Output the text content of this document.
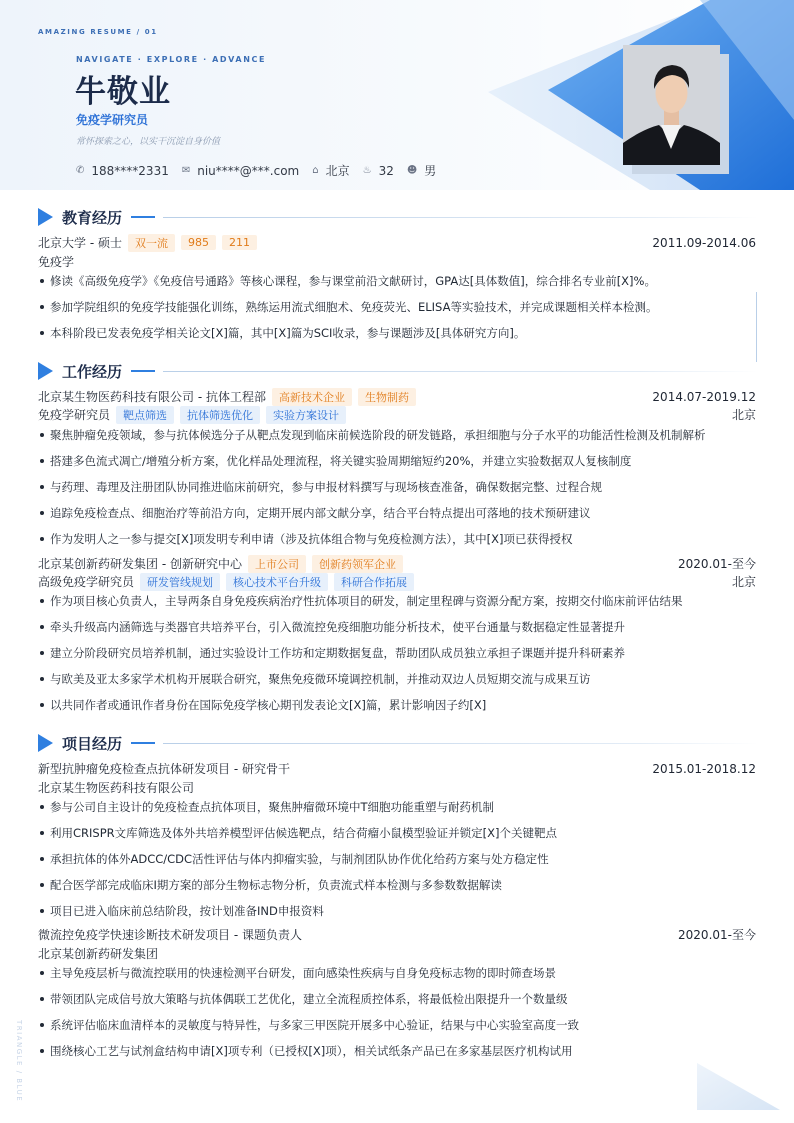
AMAZING RESUME / 01
NAVIGATE · EXPLORE · ADVANCE
牛敬业
免疫学研究员
常怀探索之心，以实干沉淀自身价值
✆ 188****2331 ✉ niu****@***.com ⌂ 北京 ♨ 32 ☻ 男
教育经历
北京大学 - 硕士	双一流	985	211	2011.09-2014.06
免疫学
修读《高级免疫学》《免疫信号通路》等核心课程，参与课堂前沿文献研讨，GPA达[具体数值]，综合排名专业前[X]%。
参加学院组织的免疫学技能强化训练，熟练运用流式细胞术、免疫荧光、ELISA等实验技术，并完成课题相关样本检测。
本科阶段已发表免疫学相关论文[X]篇，其中[X]篇为SCI收录，参与课题涉及[具体研究方向]。
工作经历
北京某生物医药科技有限公司 - 抗体工程部	高新技术企业	生物制药	2014.07-2019.12
免疫学研究员	靶点筛选	抗体筛选优化	实验方案设计	北京
聚焦肿瘤免疫领域，参与抗体候选分子从靶点发现到临床前候选阶段的研发链路，承担细胞与分子水平的功能活性检测及机制解析
搭建多色流式凋亡/增殖分析方案，优化样品处理流程，将关键实验周期缩短约20%，并建立实验数据双人复核制度
与药理、毒理及注册团队协同推进临床前研究，参与申报材料撰写与现场核查准备，确保数据完整、过程合规
追踪免疫检查点、细胞治疗等前沿方向，定期开展内部文献分享，结合平台特点提出可落地的技术预研建议
作为发明人之一参与提交[X]项发明专利申请（涉及抗体组合物与免疫检测方法），其中[X]项已获得授权
北京某创新药研发集团 - 创新研究中心	上市公司	创新药领军企业	2020.01-至今
高级免疫学研究员	研发管线规划	核心技术平台升级	科研合作拓展	北京
作为项目核心负责人，主导两条自身免疫疾病治疗性抗体项目的研发，制定里程碑与资源分配方案，按期交付临床前评估结果
牵头升级高内涵筛选与类器官共培养平台，引入微流控免疫细胞功能分析技术，使平台通量与数据稳定性显著提升
建立分阶段研究员培养机制，通过实验设计工作坊和定期数据复盘，帮助团队成员独立承担子课题并提升科研素养
与欧美及亚太多家学术机构开展联合研究，聚焦免疫微环境调控机制，并推动双边人员短期交流与成果互访
以共同作者或通讯作者身份在国际免疫学核心期刊发表论文[X]篇，累计影响因子约[X]
项目经历
新型抗肿瘤免疫检查点抗体研发项目 - 研究骨干	2015.01-2018.12
北京某生物医药科技有限公司
参与公司自主设计的免疫检查点抗体项目，聚焦肿瘤微环境中T细胞功能重塑与耐药机制
利用CRISPR文库筛选及体外共培养模型评估候选靶点，结合荷瘤小鼠模型验证并锁定[X]个关键靶点
承担抗体的体外ADCC/CDC活性评估与体内抑瘤实验，与制剂团队协作优化给药方案与处方稳定性
配合医学部完成临床I期方案的部分生物标志物分析，负责流式样本检测与多参数数据解读
项目已进入临床前总结阶段，按计划准备IND申报资料
微流控免疫学快速诊断技术研发项目 - 课题负责人	2020.01-至今
北京某创新药研发集团
主导免疫层析与微流控联用的快速检测平台研发，面向感染性疾病与自身免疫标志物的即时筛查场景
带领团队完成信号放大策略与抗体偶联工艺优化，建立全流程质控体系，将最低检出限提升一个数量级
系统评估临床血清样本的灵敏度与特异性，与多家三甲医院开展多中心验证，结果与中心实验室高度一致
围绕核心工艺与试剂盒结构申请[X]项专利（已授权[X]项），相关试纸条产品已在多家基层医疗机构试用
TRIANGLE / BLUE
